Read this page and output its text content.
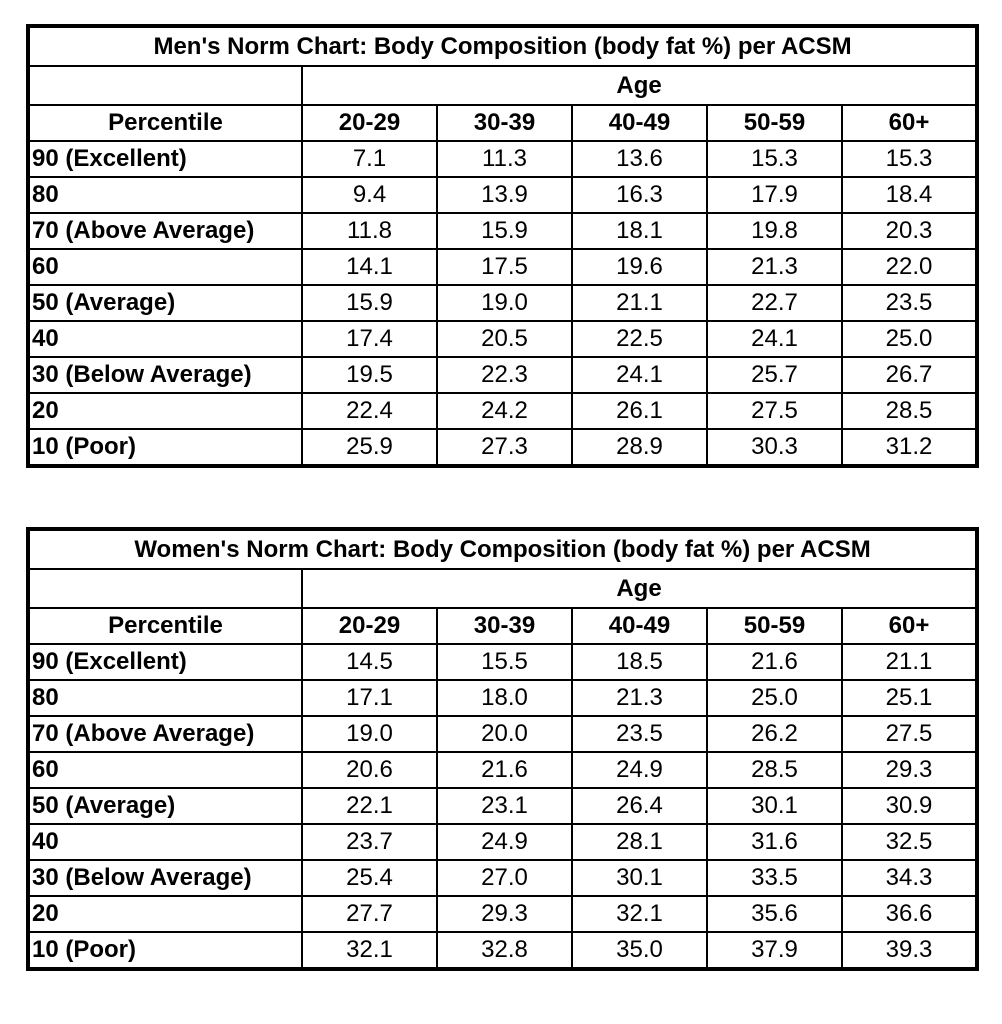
Men's Norm Chart: Body Composition (body fat %) per ACSM					
	Age				
Percentile	20-29	30-39	40-49	50-59	60+
90 (Excellent)	7.1	11.3	13.6	15.3	15.3
80	9.4	13.9	16.3	17.9	18.4
70 (Above Average)	11.8	15.9	18.1	19.8	20.3
60	14.1	17.5	19.6	21.3	22.0
50 (Average)	15.9	19.0	21.1	22.7	23.5
40	17.4	20.5	22.5	24.1	25.0
30 (Below Average)	19.5	22.3	24.1	25.7	26.7
20	22.4	24.2	26.1	27.5	28.5
10 (Poor)	25.9	27.3	28.9	30.3	31.2
Women's Norm Chart: Body Composition (body fat %) per ACSM					
	Age				
Percentile	20-29	30-39	40-49	50-59	60+
90 (Excellent)	14.5	15.5	18.5	21.6	21.1
80	17.1	18.0	21.3	25.0	25.1
70 (Above Average)	19.0	20.0	23.5	26.2	27.5
60	20.6	21.6	24.9	28.5	29.3
50 (Average)	22.1	23.1	26.4	30.1	30.9
40	23.7	24.9	28.1	31.6	32.5
30 (Below Average)	25.4	27.0	30.1	33.5	34.3
20	27.7	29.3	32.1	35.6	36.6
10 (Poor)	32.1	32.8	35.0	37.9	39.3
